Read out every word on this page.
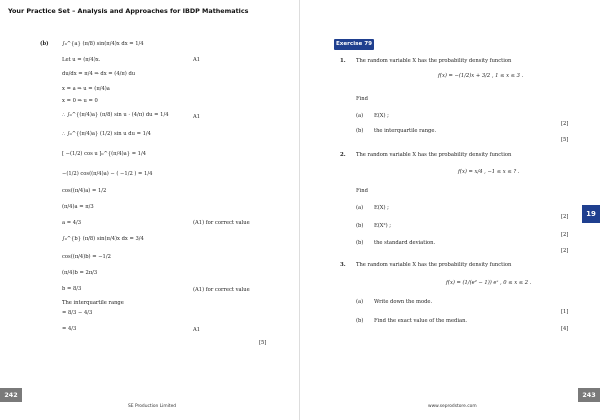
Your Practice Set – Analysis and Approaches for IBDP Mathematics
(b)	∫₀^{a} (π/8) sin(π/4)x dx = 1/4
Let u = (π/4)x.
du/dx = π/4 ⇒ dx = (4/π) du
x = a ⇒ u = (π/4)a
x = 0 ⇒ u = 0
∴ ∫₀^{(π/4)a} (π/8) sin u · (4/π) du = 1/4
∴ ∫₀^{(π/4)a} (1/2) sin u du = 1/4
[ −(1/2) cos u ]₀^{(π/4)a} = 1/4
−(1/2) cos((π/4)a) − ( −1/2 ) = 1/4
cos((π/4)a) = 1/2
(π/4)a = π/3
a = 4/3
∫₀^{b} (π/8) sin(π/4)x dx = 3/4
cos((π/4)b) = −1/2
(π/4)b = 2π/3
b = 8/3
The interquartile range
= 8/3 − 4/3
= 4/3
A1
A1
(A1) for correct value
(A1) for correct value
A1
[5]
242
SE Production Limited
Exercise 79
1. The random variable X has the probability density function
f(x) = −(1/2)x + 3/2 , 1 ≤ x ≤ 3 .
Find
(a) E(X) ;
[2]
(b) the interquartile range.
[5]
2. The random variable X has the probability density function
f(x) = x/4 , −1 ≤ x ≤ ? .
Find
(a) E(X) ;
[2]
(b) E(X²) ;
[2]
(b) the standard deviation.
[2]
3. The random variable X has the probability density function
f(x) = (1/(e² − 1)) eˣ , 0 ≤ x ≤ 2 .
(a) Write down the mode.
[1]
(b) Find the exact value of the median.
[4]
19
243
www.seprodstore.com
